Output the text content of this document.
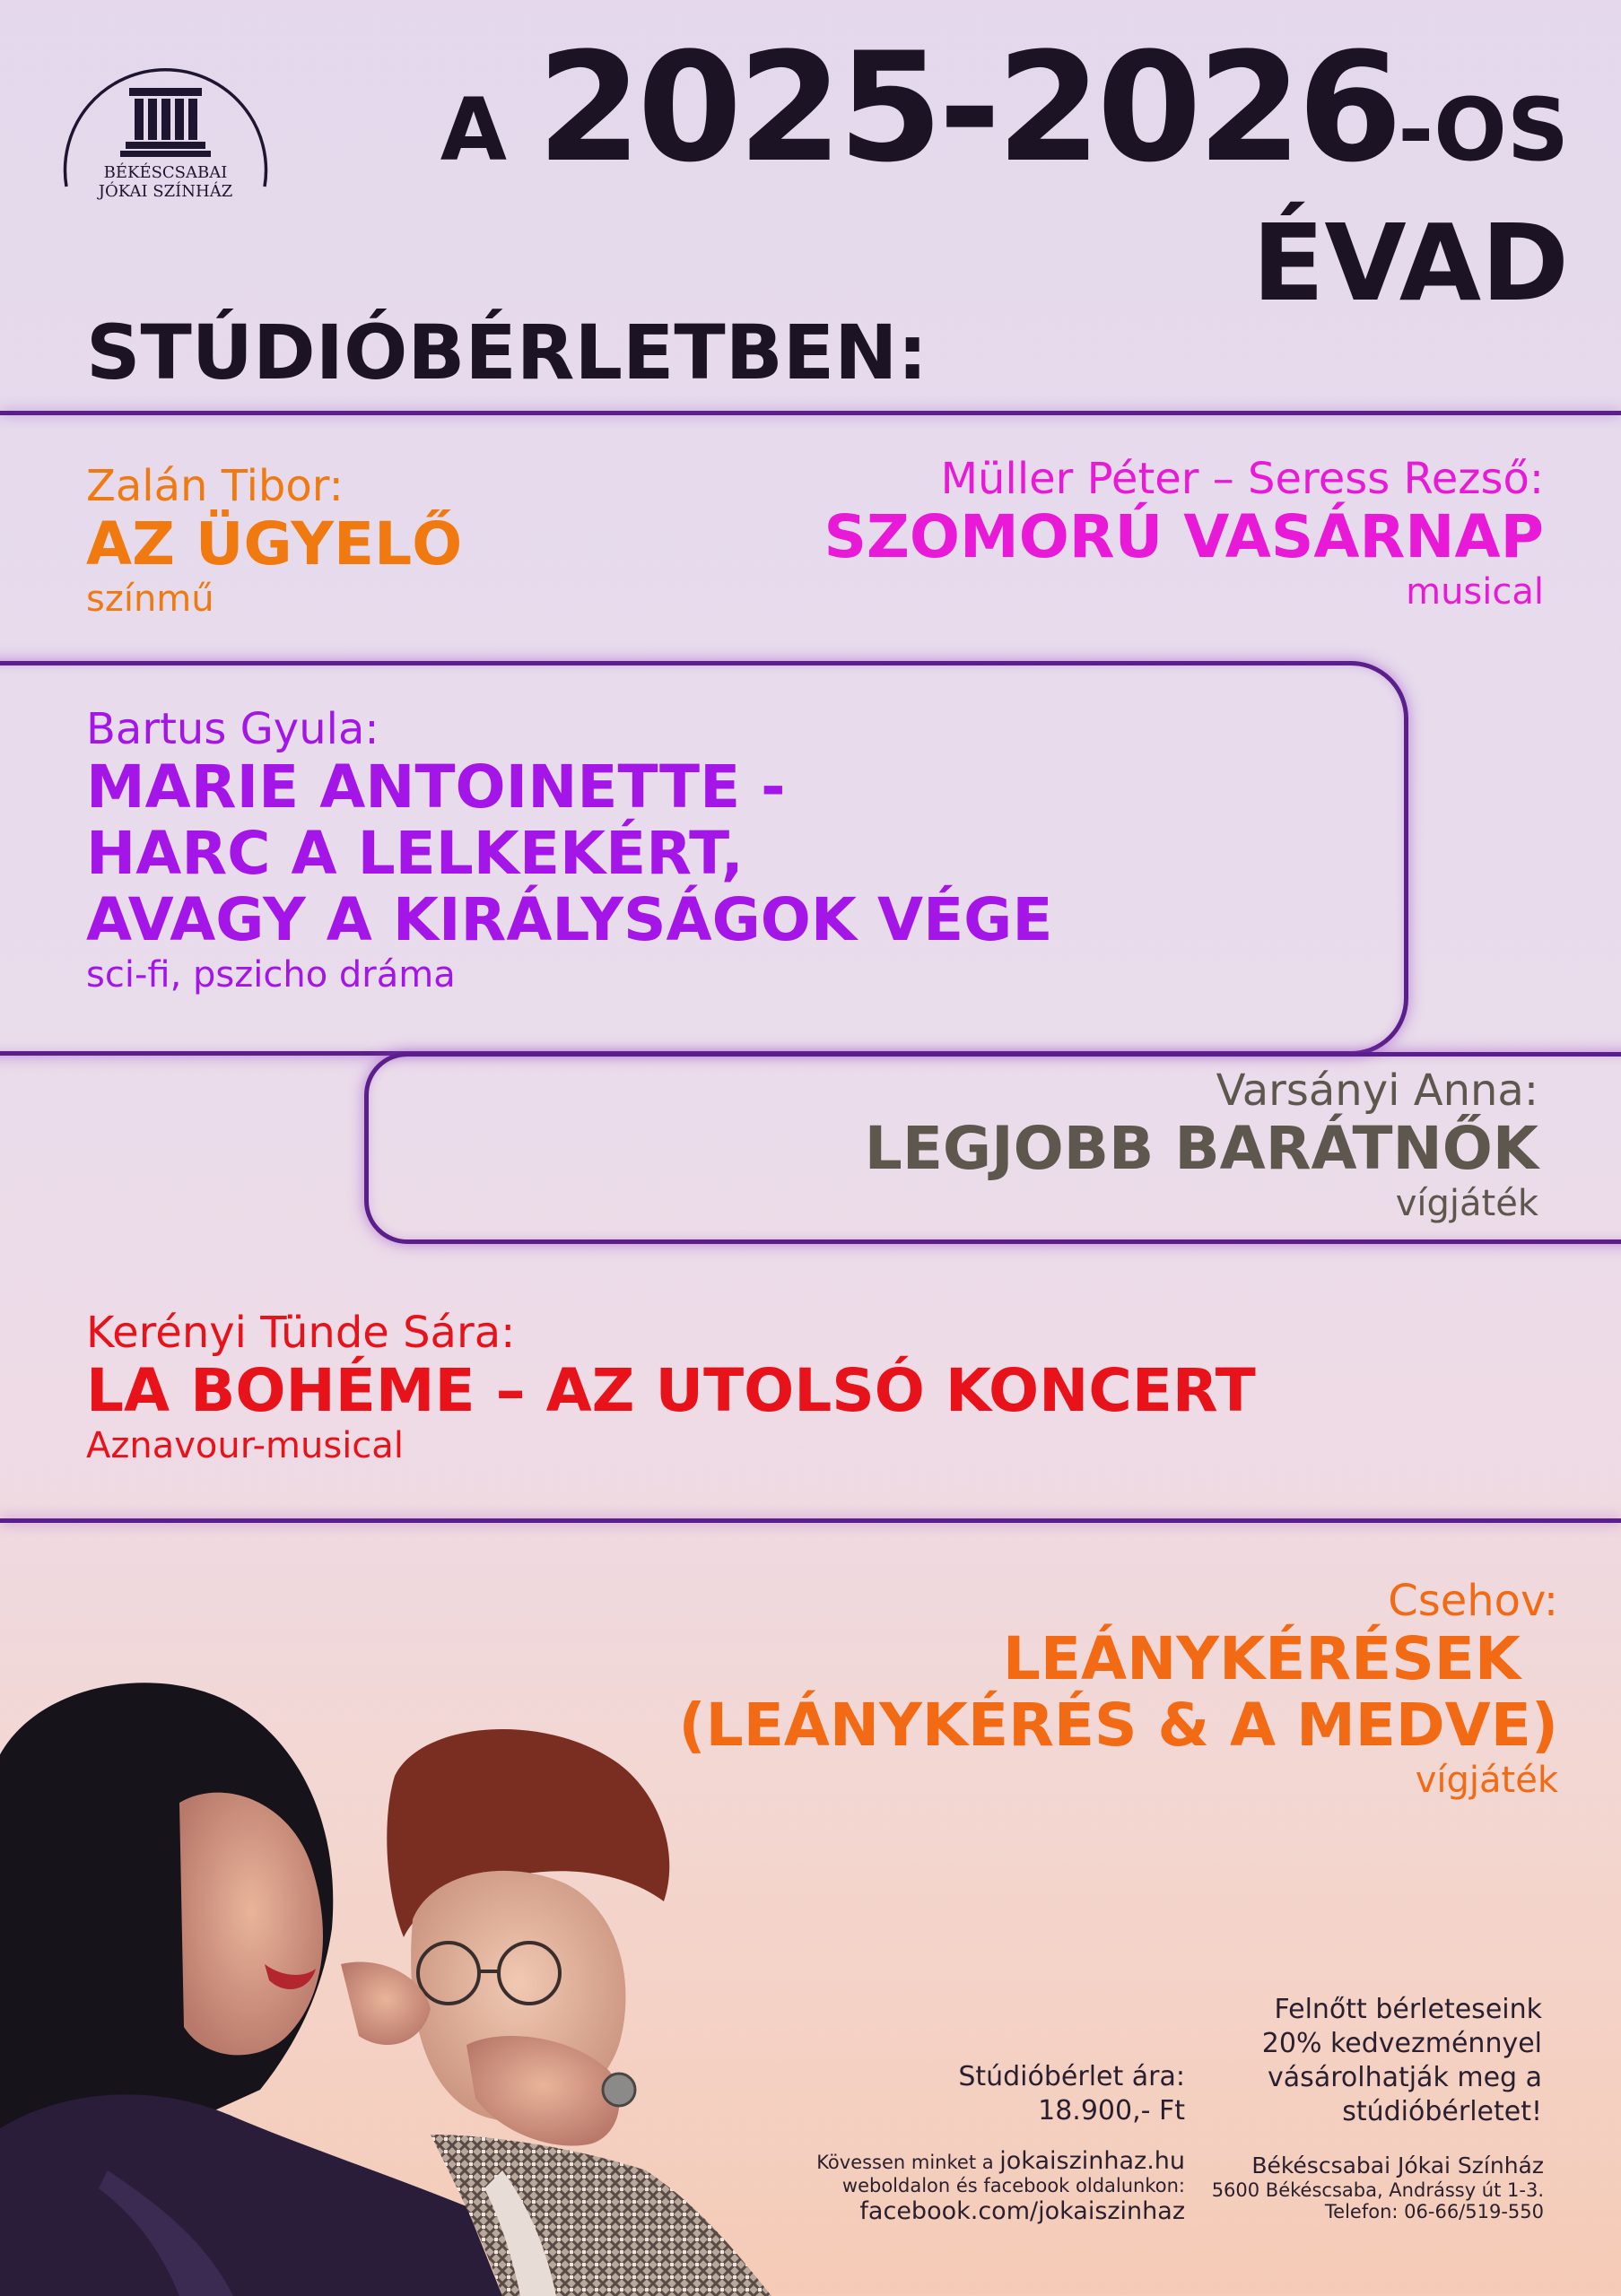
BÉKÉSCSABAI
JÓKAI SZÍNHÁZ
A 2025-2026-OS
ÉVAD
STÚDIÓBÉRLETBEN:
Zalán Tibor:
AZ ÜGYELŐ
színmű
Müller Péter – Seress Rezső:
SZOMORÚ VASÁRNAP
musical
Bartus Gyula:
MARIE ANTOINETTE -
HARC A LELKEKÉRT,
AVAGY A KIRÁLYSÁGOK VÉGE
sci-fi, pszicho dráma
Varsányi Anna:
LEGJOBB BARÁTNŐK
vígjáték
Kerényi Tünde Sára:
LA BOHÉME – AZ UTOLSÓ KONCERT
Aznavour-musical
Csehov:
LEÁNYKÉRÉSEK
(LEÁNYKÉRÉS & A MEDVE)
vígjáték
Stúdióbérlet ára:
18.900,- Ft
Felnőtt bérleteseink
20% kedvezménnyel
vásárolhatják meg a
stúdióbérletet!
Kövessen minket a jokaiszinhaz.hu
weboldalon és facebook oldalunkon:
facebook.com/jokaiszinhaz
Békéscsabai Jókai Színház
5600 Békéscsaba, Andrássy út 1-3.
Telefon: 06-66/519-550
